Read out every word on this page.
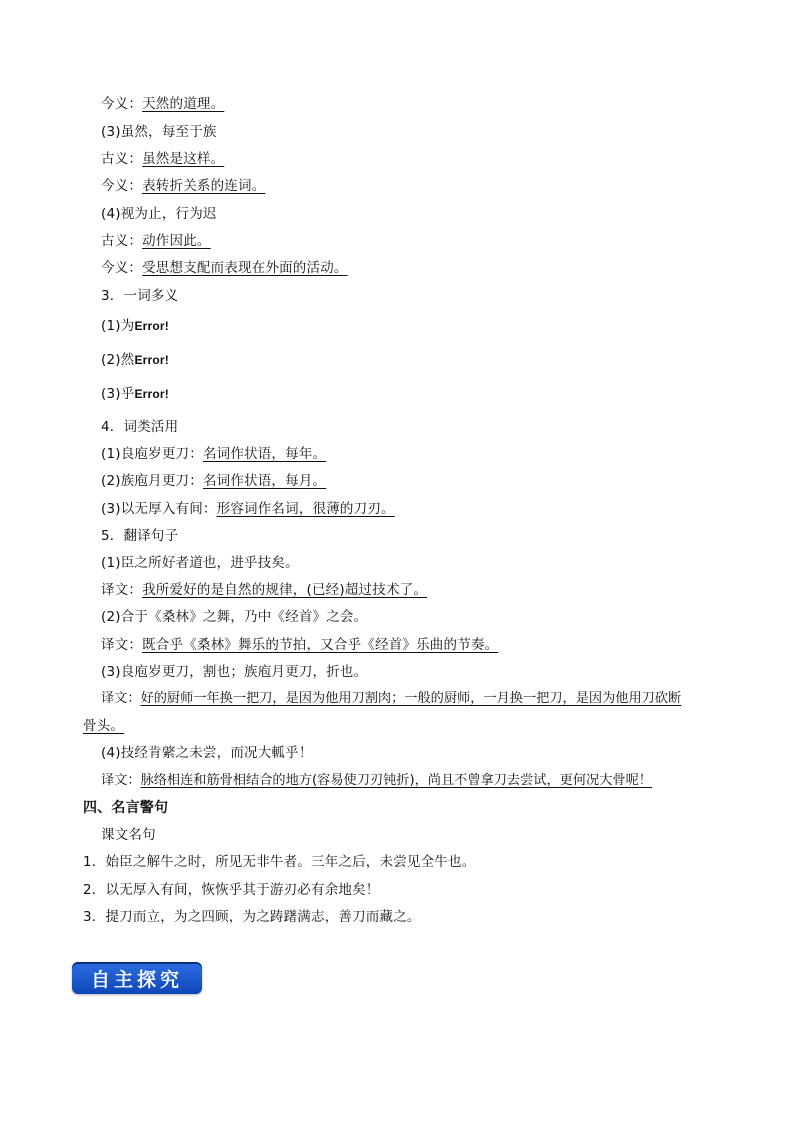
今义：天然的道理。
(3)虽然，每至于族
古义：虽然是这样。
今义：表转折关系的连词。
(4)视为止，行为迟
古义：动作因此。
今义：受思想支配而表现在外面的活动。
3．一词多义
(1)为Error!
(2)然Error!
(3)乎Error!
4．词类活用
(1)良庖岁更刀：名词作状语，每年。
(2)族庖月更刀：名词作状语，每月。
(3)以无厚入有间：形容词作名词，很薄的刀刃。
5．翻译句子
(1)臣之所好者道也，进乎技矣。
译文：我所爱好的是自然的规律，(已经)超过技术了。
(2)合于《桑林》之舞，乃中《经首》之会。
译文：既合乎《桑林》舞乐的节拍，又合乎《经首》乐曲的节奏。
(3)良庖岁更刀，割也；族庖月更刀，折也。
译文：好的厨师一年换一把刀，是因为他用刀割肉；一般的厨师，一月换一把刀，是因为他用刀砍断
骨头。
(4)技经肯綮之未尝，而况大軱乎！
译文：脉络相连和筋骨相结合的地方(容易使刀刃钝折)，尚且不曾拿刀去尝试，更何况大骨呢！
四、名言警句
课文名句
1．始臣之解牛之时，所见无非牛者。三年之后，未尝见全牛也。
2．以无厚入有间，恢恢乎其于游刃必有余地矣！
3．提刀而立，为之四顾，为之踌躇满志，善刀而藏之。
自主探究
